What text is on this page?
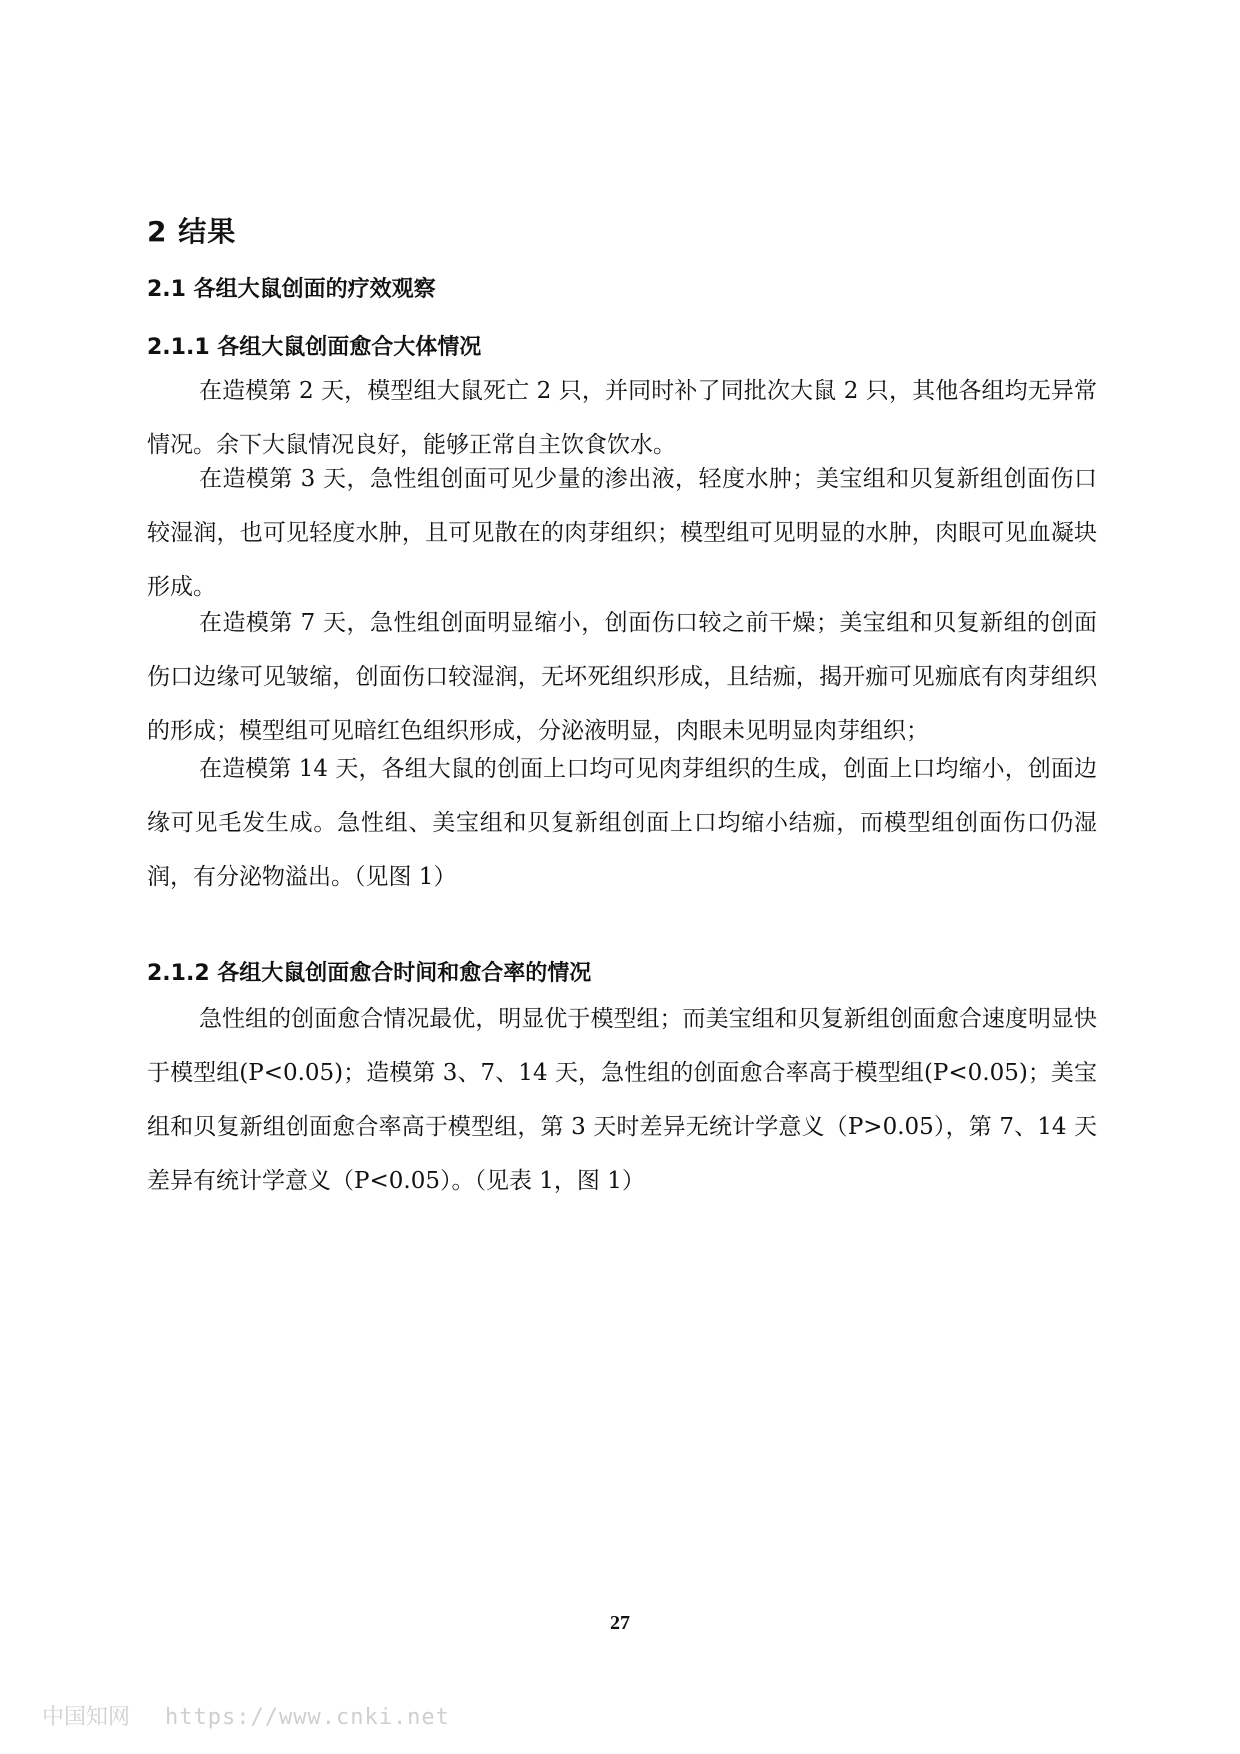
2 结果
2.1 各组大鼠创面的疗效观察
2.1.1 各组大鼠创面愈合大体情况

在造模第 2 天，模型组大鼠死亡 2 只，并同时补了同批次大鼠 2 只，其他各组均无异常情况。余下大鼠情况良好，能够正常自主饮食饮水。

在造模第 3 天，急性组创面可见少量的渗出液，轻度水肿；美宝组和贝复新组创面伤口较湿润，也可见轻度水肿，且可见散在的肉芽组织；模型组可见明显的水肿，肉眼可见血凝块形成。

在造模第 7 天，急性组创面明显缩小，创面伤口较之前干燥；美宝组和贝复新组的创面伤口边缘可见皱缩，创面伤口较湿润，无坏死组织形成，且结痂，揭开痂可见痂底有肉芽组织的形成；模型组可见暗红色组织形成，分泌液明显，肉眼未见明显肉芽组织；

在造模第 14 天，各组大鼠的创面上口均可见肉芽组织的生成，创面上口均缩小，创面边缘可见毛发生成。急性组、美宝组和贝复新组创面上口均缩小结痂，而模型组创面伤口仍湿润，有分泌物溢出。（见图 1）

2.1.2 各组大鼠创面愈合时间和愈合率的情况

急性组的创面愈合情况最优，明显优于模型组；而美宝组和贝复新组创面愈合速度明显快于模型组(P<0.05)；造模第 3、7、14 天，急性组的创面愈合率高于模型组(P<0.05)；美宝组和贝复新组创面愈合率高于模型组，第 3 天时差异无统计学意义（P>0.05），第 7、14 天差异有统计学意义（P<0.05）。（见表 1，图 1）

27
中国知网 https://www.cnki.net
